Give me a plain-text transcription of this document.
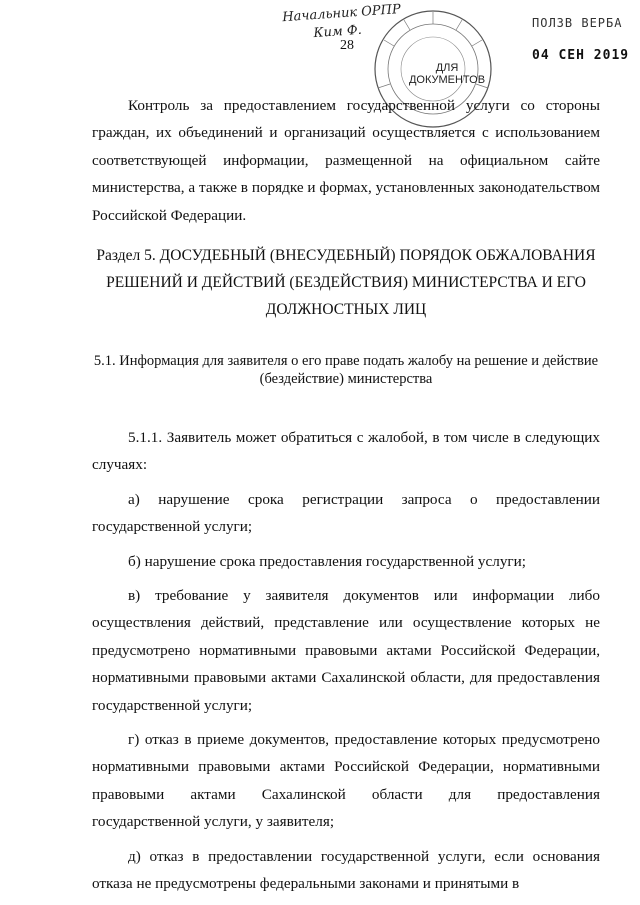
Начальник ОРПР
Ким Ф.
28
ДЛЯ ДОКУМЕНТОВ
ПОЛЗВ ВЕРБА
04 СЕН 2019

Контроль за предоставлением государственной услуги со стороны граждан, их объединений и организаций осуществляется с использованием соответствующей информации, размещенной на официальном сайте министерства, а также в порядке и формах, установленных законодательством Российской Федерации.

Раздел 5. ДОСУДЕБНЫЙ (ВНЕСУДЕБНЫЙ) ПОРЯДОК ОБЖАЛОВАНИЯ РЕШЕНИЙ И ДЕЙСТВИЙ (БЕЗДЕЙСТВИЯ) МИНИСТЕРСТВА И ЕГО ДОЛЖНОСТНЫХ ЛИЦ
5.1. Информация для заявителя о его праве подать жалобу на решение и действие (бездействие) министерства

5.1.1. Заявитель может обратиться с жалобой, в том числе в следующих случаях:

а) нарушение срока регистрации запроса о предоставлении государственной услуги;

б) нарушение срока предоставления государственной услуги;

в) требование у заявителя документов или информации либо осуществления действий, представление или осуществление которых не предусмотрено нормативными правовыми актами Российской Федерации, нормативными правовыми актами Сахалинской области, для предоставления государственной услуги;

г) отказ в приеме документов, предоставление которых предусмотрено нормативными правовыми актами Российской Федерации, нормативными правовыми актами Сахалинской области для предоставления государственной услуги, у заявителя;

д) отказ в предоставлении государственной услуги, если основания отказа не предусмотрены федеральными законами и принятыми в
